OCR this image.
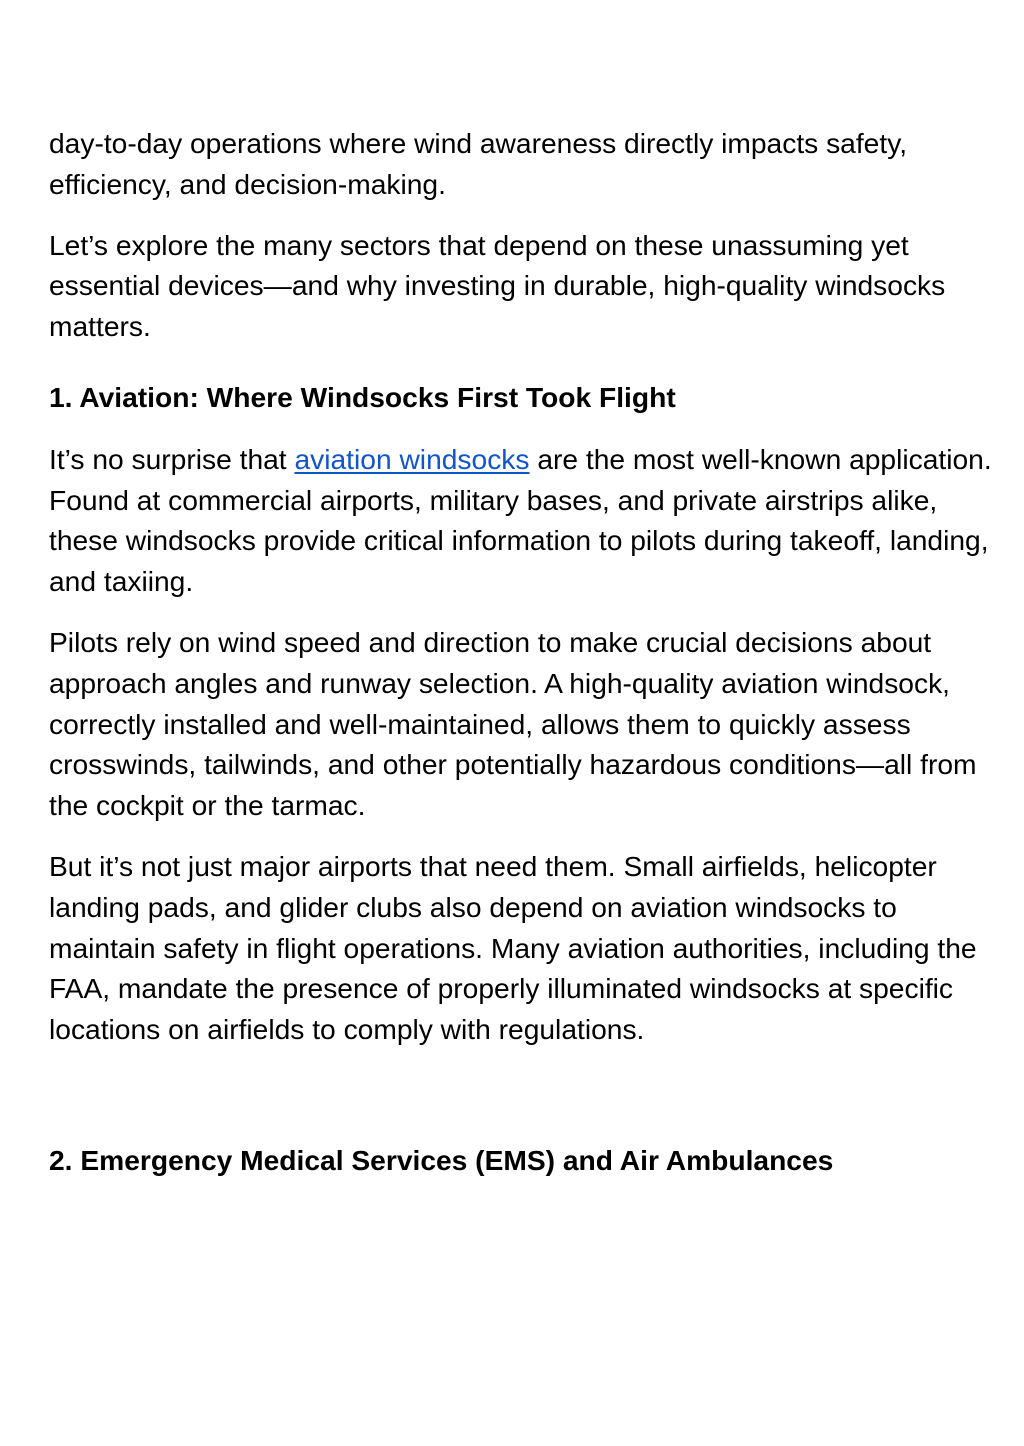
day-to-day operations where wind awareness directly impacts safety, efficiency, and decision-making.

Let’s explore the many sectors that depend on these unassuming yet essential devices—and why investing in durable, high-quality windsocks matters.

1. Aviation: Where Windsocks First Took Flight

It’s no surprise that aviation windsocks are the most well-known application. Found at commercial airports, military bases, and private airstrips alike, these windsocks provide critical information to pilots during takeoff, landing, and taxiing.

Pilots rely on wind speed and direction to make crucial decisions about approach angles and runway selection. A high-quality aviation windsock, correctly installed and well-maintained, allows them to quickly assess crosswinds, tailwinds, and other potentially hazardous conditions—all from the cockpit or the tarmac.

But it’s not just major airports that need them. Small airfields, helicopter landing pads, and glider clubs also depend on aviation windsocks to maintain safety in flight operations. Many aviation authorities, including the FAA, mandate the presence of properly illuminated windsocks at specific locations on airfields to comply with regulations.

2. Emergency Medical Services (EMS) and Air Ambulances
